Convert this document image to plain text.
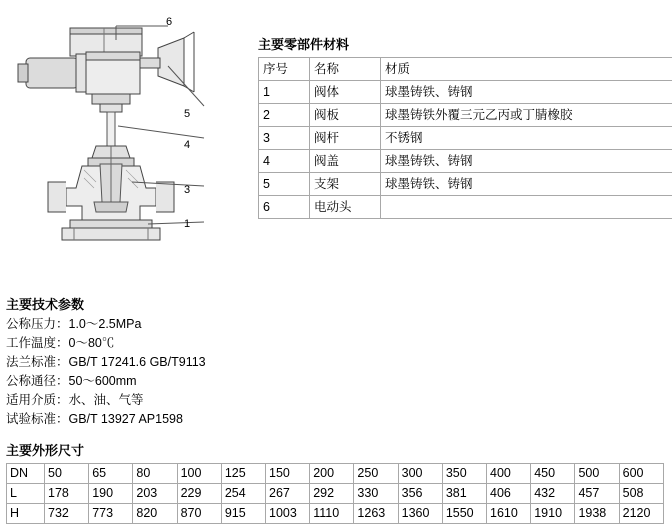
6
5
4
3
1
主要零部件材料
序号	名称	材质
1	阀体	球墨铸铁、铸钢
2	阀板	球墨铸铁外覆三元乙丙或丁腈橡胶
3	阀杆	不锈钢
4	阀盖	球墨铸铁、铸钢
5	支架	球墨铸铁、铸钢
6	电动头	
主要技术参数
公称压力：1.0～2.5MPa
工作温度：0～80℃
法兰标准：GB/T 17241.6 GB/T9113
公称通径：50～600mm
适用介质：水、油、气等
试验标准：GB/T 13927 AP1598
主要外形尺寸
DN	50	65	80	100	125	150	200	250	300	350	400	450	500	600
L	178	190	203	229	254	267	292	330	356	381	406	432	457	508
H	732	773	820	870	915	1003	1110	1263	1360	1550	1610	1910	1938	2120
